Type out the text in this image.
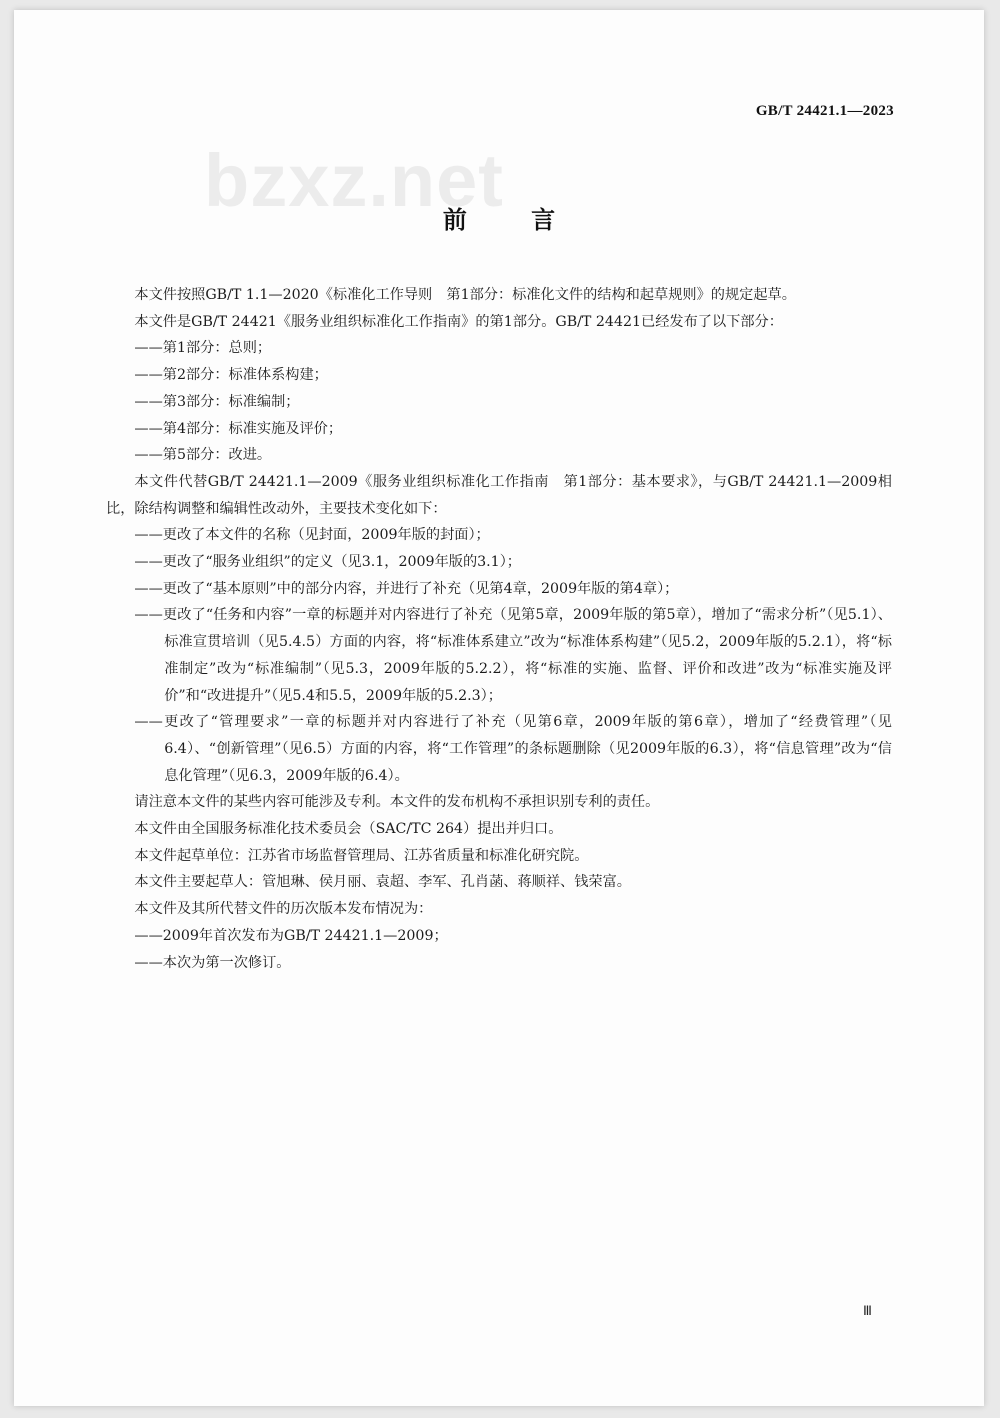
bzxz.net
GB/T 24421.1—2023
前 言

本文件按照GB/T 1.1—2020《标准化工作导则　第1部分：标准化文件的结构和起草规则》的规定起草。

本文件是GB/T 24421《服务业组织标准化工作指南》的第1部分。GB/T 24421已经发布了以下部分：

——第1部分：总则；

——第2部分：标准体系构建；

——第3部分：标准编制；

——第4部分：标准实施及评价；

——第5部分：改进。

本文件代替GB/T 24421.1—2009《服务业组织标准化工作指南　第1部分：基本要求》，与GB/T 24421.1—2009相比，除结构调整和编辑性改动外，主要技术变化如下：

——更改了本文件的名称（见封面，2009年版的封面）；

——更改了“服务业组织”的定义（见3.1，2009年版的3.1）；

——更改了“基本原则”中的部分内容，并进行了补充（见第4章，2009年版的第4章）；

——更改了“任务和内容”一章的标题并对内容进行了补充（见第5章，2009年版的第5章），增加了“需求分析”（见5.1）、标准宣贯培训（见5.4.5）方面的内容，将“标准体系建立”改为“标准体系构建”（见5.2，2009年版的5.2.1），将“标准制定”改为“标准编制”（见5.3，2009年版的5.2.2），将“标准的实施、监督、评价和改进”改为“标准实施及评价”和“改进提升”（见5.4和5.5，2009年版的5.2.3）；

——更改了“管理要求”一章的标题并对内容进行了补充（见第6章，2009年版的第6章），增加了“经费管理”（见6.4）、“创新管理”（见6.5）方面的内容，将“工作管理”的条标题删除（见2009年版的6.3），将“信息管理”改为“信息化管理”（见6.3，2009年版的6.4）。

请注意本文件的某些内容可能涉及专利。本文件的发布机构不承担识别专利的责任。

本文件由全国服务标准化技术委员会（SAC/TC 264）提出并归口。

本文件起草单位：江苏省市场监督管理局、江苏省质量和标准化研究院。

本文件主要起草人：管旭琳、侯月丽、袁超、李军、孔肖菡、蒋顺祥、钱荣富。

本文件及其所代替文件的历次版本发布情况为：

——2009年首次发布为GB/T 24421.1—2009；

——本次为第一次修订。

Ⅲ
